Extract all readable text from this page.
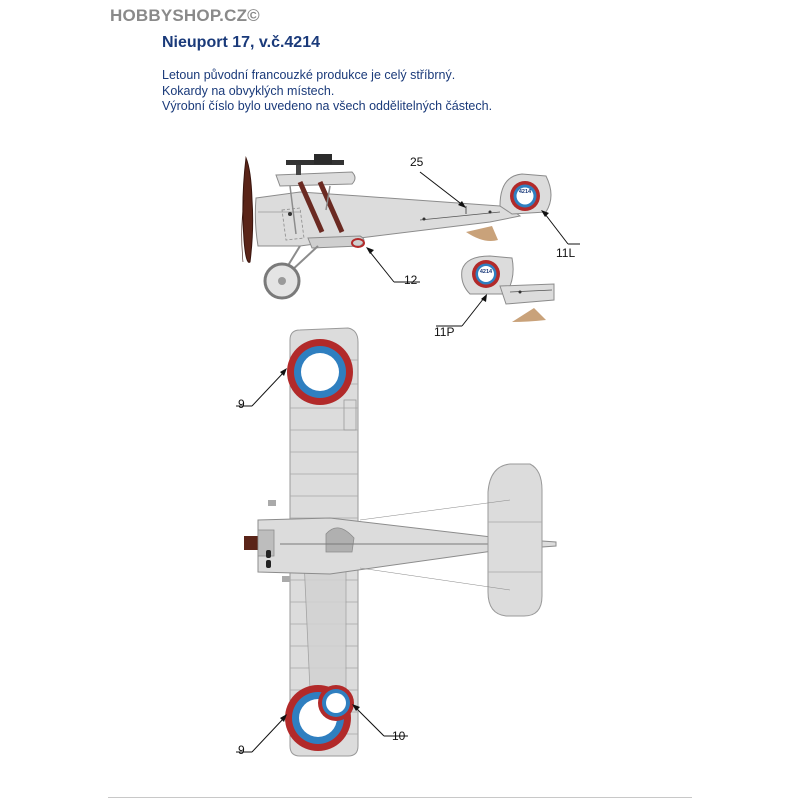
HOBBYSHOP.CZ©
Nieuport 17, v.č.4214
Letoun původní francouzké produkce je celý stříbrný.
Kokardy na obvyklých místech.
Výrobní číslo bylo uvedeno na všech oddělitelných částech.
4214
25
11L
12
4214
11P
9
9
10
